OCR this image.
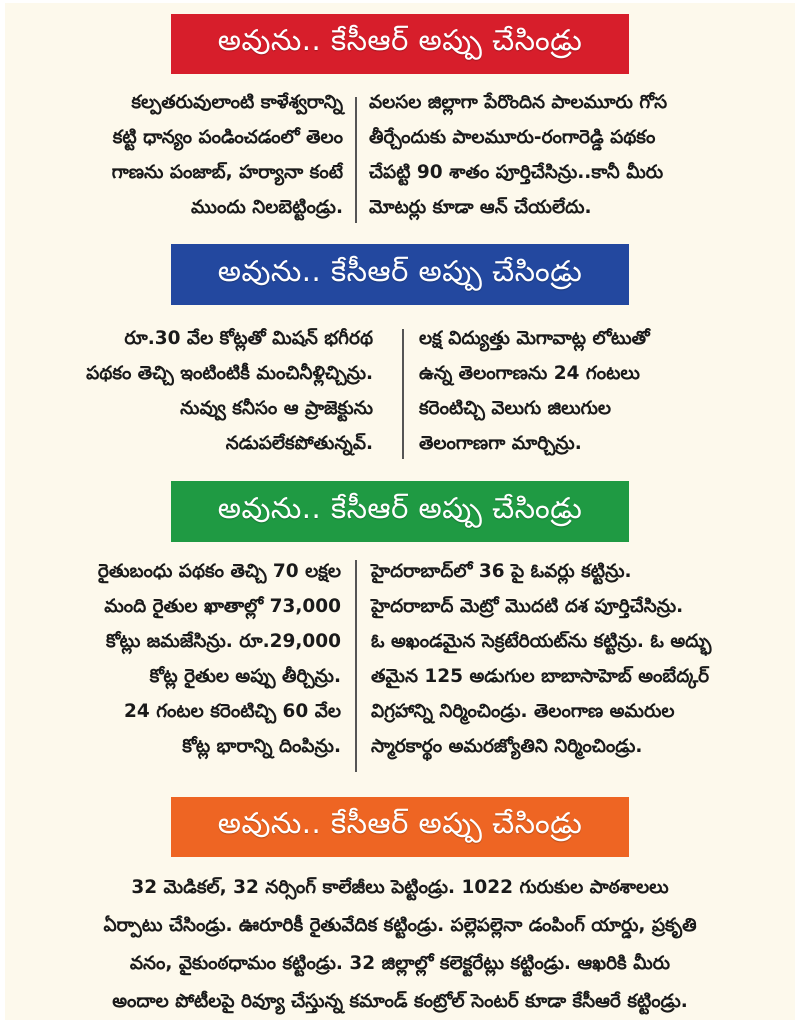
అవును.. కేసీఆర్ అప్పు చేసిండ్రు
కల్పతరువులాంటి కాళేశ్వరాన్ని
కట్టి ధాన్యం పండించడంలో తెలం
గాణను పంజాబ్, హర్యానా కంటే
ముందు నిలబెట్టిండ్రు.
వలసల జిల్లాగా పేరొందిన పాలమూరు గోస
తీర్చేందుకు పాలమూరు-రంగారెడ్డి పథకం
చేపట్టి 90 శాతం పూర్తిచేసిన్రు..కానీ మీరు
మోటర్లు కూడా ఆన్ చేయలేదు.
అవును.. కేసీఆర్ అప్పు చేసిండ్రు
రూ.30 వేల కోట్లతో మిషన్ భగీరథ
పథకం తెచ్చి ఇంటింటికీ మంచినీళ్లిచ్చిన్రు.
నువ్వు కనీసం ఆ ప్రాజెక్టును
నడుపలేకపోతున్నవ్.
లక్ష విద్యుత్తు మెగావాట్ల లోటుతో
ఉన్న తెలంగాణను 24 గంటలు
కరెంటిచ్చి వెలుగు జిలుగుల
తెలంగాణగా మార్చిన్రు.
అవును.. కేసీఆర్ అప్పు చేసిండ్రు
రైతుబంధు పథకం తెచ్చి 70 లక్షల
మంది రైతుల ఖాతాల్లో 73,000
కోట్లు జమజేసిన్రు. రూ.29,000
కోట్ల రైతుల అప్పు తీర్చిన్రు.
24 గంటల కరెంటిచ్చి 60 వేల
కోట్ల భారాన్ని దింపిన్రు.
హైదరాబాద్‌లో 36 పై ఓవర్లు కట్టిన్రు.
హైదరాబాద్ మెట్రో మొదటి దశ పూర్తిచేసిన్రు.
ఓ అఖండమైన సెక్రటేరియట్‌ను కట్టిన్రు. ఓ అద్భు
తమైన 125 అడుగుల బాబాసాహెబ్ అంబేద్కర్
విగ్రహాన్ని నిర్మించిండ్రు. తెలంగాణ అమరుల
స్మారకార్థం అమరజ్యోతిని నిర్మించిండ్రు.
అవును.. కేసీఆర్ అప్పు చేసిండ్రు
32 మెడికల్, 32 నర్సింగ్ కాలేజీలు పెట్టిండ్రు. 1022 గురుకుల పాఠశాలలు
ఏర్పాటు చేసిండ్రు. ఊరూరికీ రైతువేదిక కట్టిండ్రు. పల్లెపల్లెనా డంపింగ్ యార్డు, ప్రకృతి
వనం, వైకుంఠధామం కట్టిండ్రు. 32 జిల్లాల్లో కలెక్టరేట్లు కట్టిండ్రు. ఆఖరికి మీరు
అందాల పోటీలపై రివ్యూ చేస్తున్న కమాండ్ కంట్రోల్ సెంటర్ కూడా కేసీఆరే కట్టిండ్రు.
